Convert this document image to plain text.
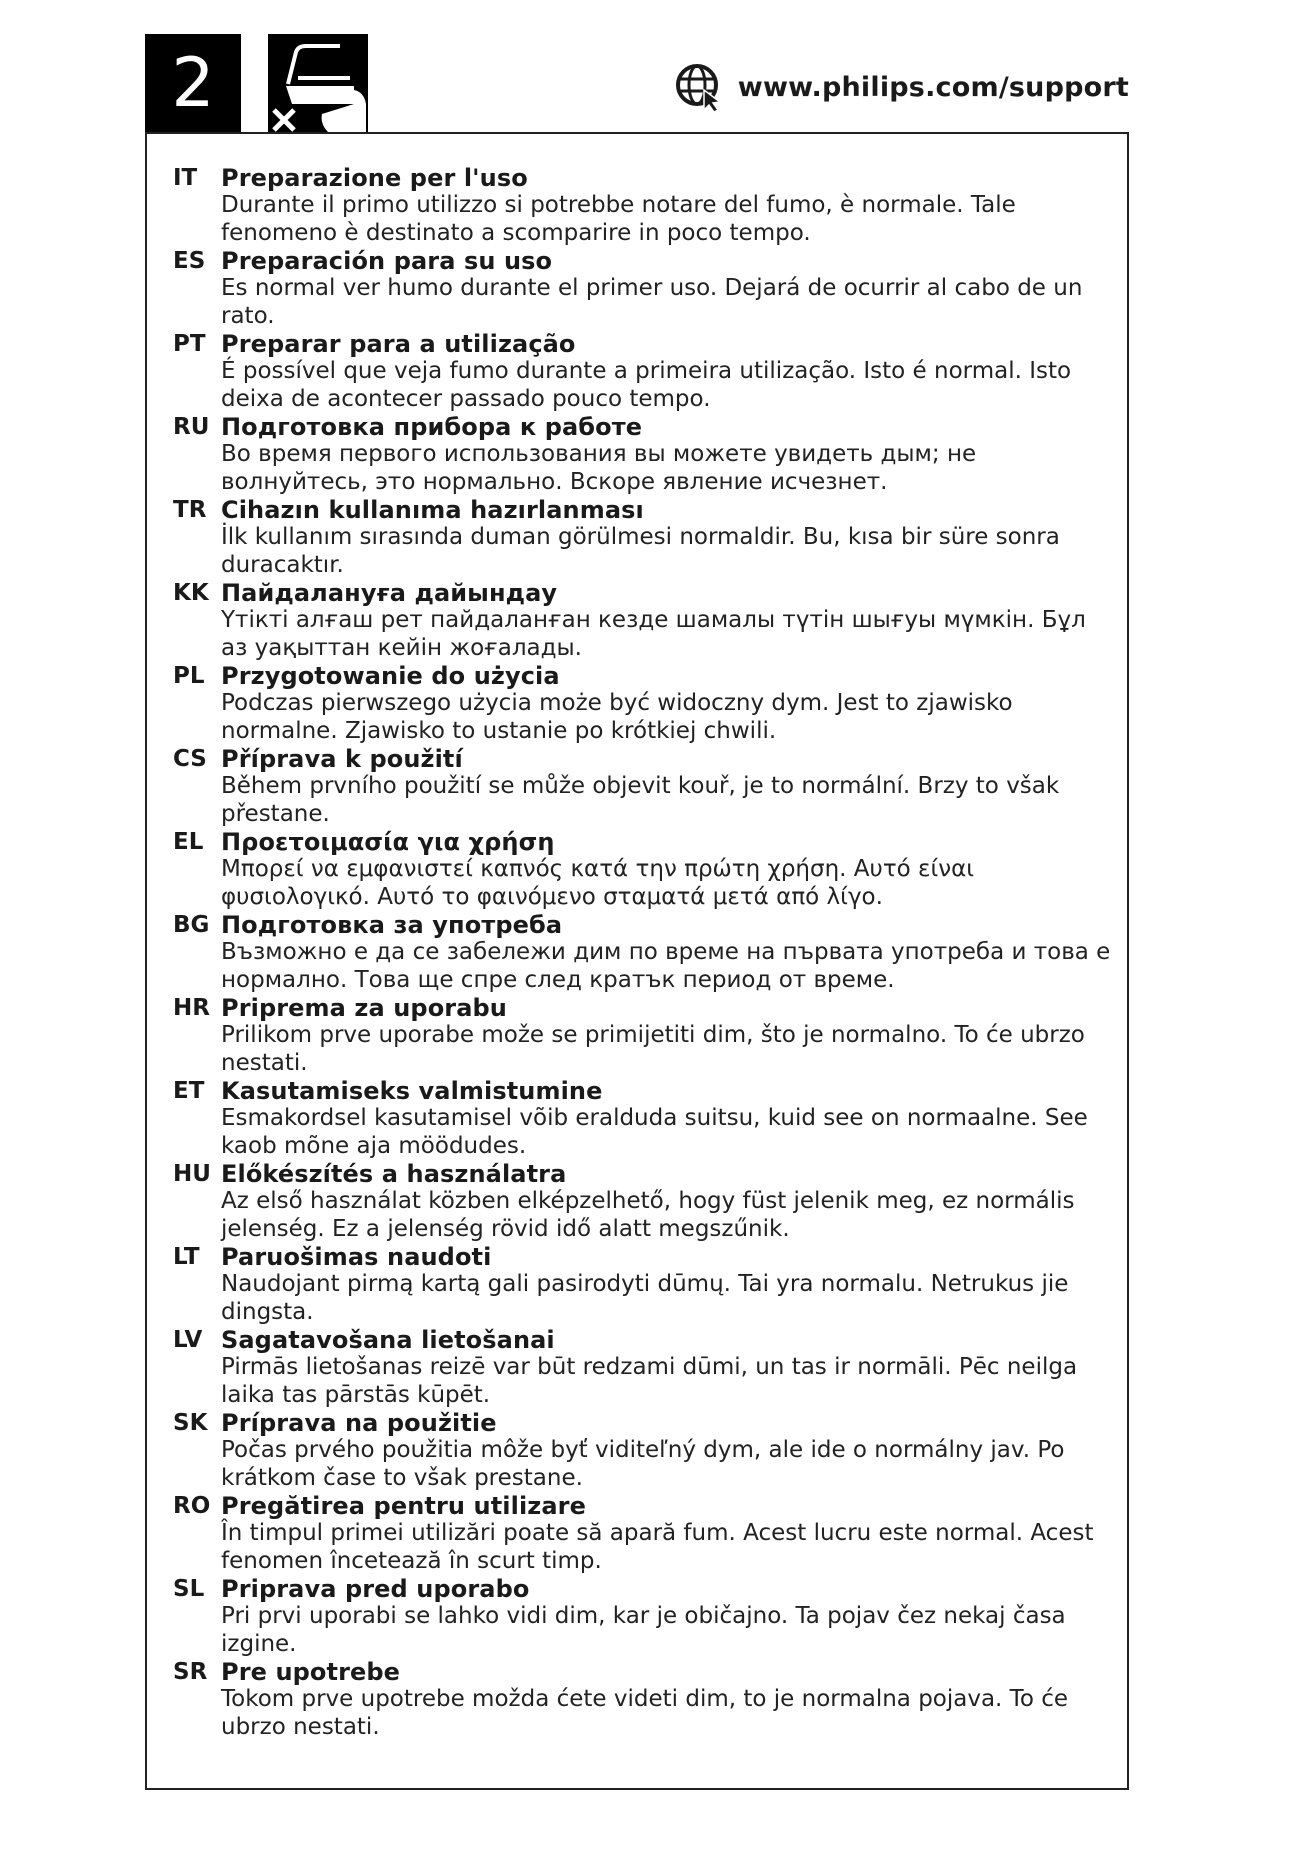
2	www.philips.com/support
IT Preparazione per l'uso
Durante il primo utilizzo si potrebbe notare del fumo, è normale. Tale fenomeno è destinato a scomparire in poco tempo.
ES Preparación para su uso
Es normal ver humo durante el primer uso. Dejará de ocurrir al cabo de un rato.
PT Preparar para a utilização
É possível que veja fumo durante a primeira utilização. Isto é normal. Isto deixa de acontecer passado pouco tempo.
RU Подготовка прибора к работе
Во время первого использования вы можете увидеть дым; не волнуйтесь, это нормально. Вскоре явление исчезнет.
TR Cihazın kullanıma hazırlanması
İlk kullanım sırasında duman görülmesi normaldir. Bu, kısa bir süre sonra duracaktır.
KK Пайдалануға дайындау
Үтікті алғаш рет пайдаланған кезде шамалы түтін шығуы мүмкін. Бұл аз уақыттан кейін жоғалады.
PL Przygotowanie do użycia
Podczas pierwszego użycia może być widoczny dym. Jest to zjawisko normalne. Zjawisko to ustanie po krótkiej chwili.
CS Příprava k použití
Během prvního použití se může objevit kouř, je to normální. Brzy to však přestane.
EL Προετοιμασία για χρήση
Μπορεί να εμφανιστεί καπνός κατά την πρώτη χρήση. Αυτό είναι φυσιολογικό. Αυτό το φαινόμενο σταματά μετά από λίγο.
BG Подготовка за употреба
Възможно е да се забележи дим по време на първата употреба и това е нормално. Това ще спре след кратък период от време.
HR Priprema za uporabu
Prilikom prve uporabe može se primijetiti dim, što je normalno. To će ubrzo nestati.
ET Kasutamiseks valmistumine
Esmakordsel kasutamisel võib eralduda suitsu, kuid see on normaalne. See kaob mõne aja möödudes.
HU Előkészítés a használatra
Az első használat közben elképzelhető, hogy füst jelenik meg, ez normális jelenség. Ez a jelenség rövid idő alatt megszűnik.
LT Paruošimas naudoti
Naudojant pirmą kartą gali pasirodyti dūmų. Tai yra normalu. Netrukus jie dingsta.
LV Sagatavošana lietošanai
Pirmās lietošanas reizē var būt redzami dūmi, un tas ir normāli. Pēc neilga laika tas pārstās kūpēt.
SK Príprava na použitie
Počas prvého použitia môže byť viditeľný dym, ale ide o normálny jav. Po krátkom čase to však prestane.
RO Pregătirea pentru utilizare
În timpul primei utilizări poate să apară fum. Acest lucru este normal. Acest fenomen încetează în scurt timp.
SL Priprava pred uporabo
Pri prvi uporabi se lahko vidi dim, kar je običajno. Ta pojav čez nekaj časa izgine.
SR Pre upotrebe
Tokom prve upotrebe možda ćete videti dim, to je normalna pojava. To će ubrzo nestati.
